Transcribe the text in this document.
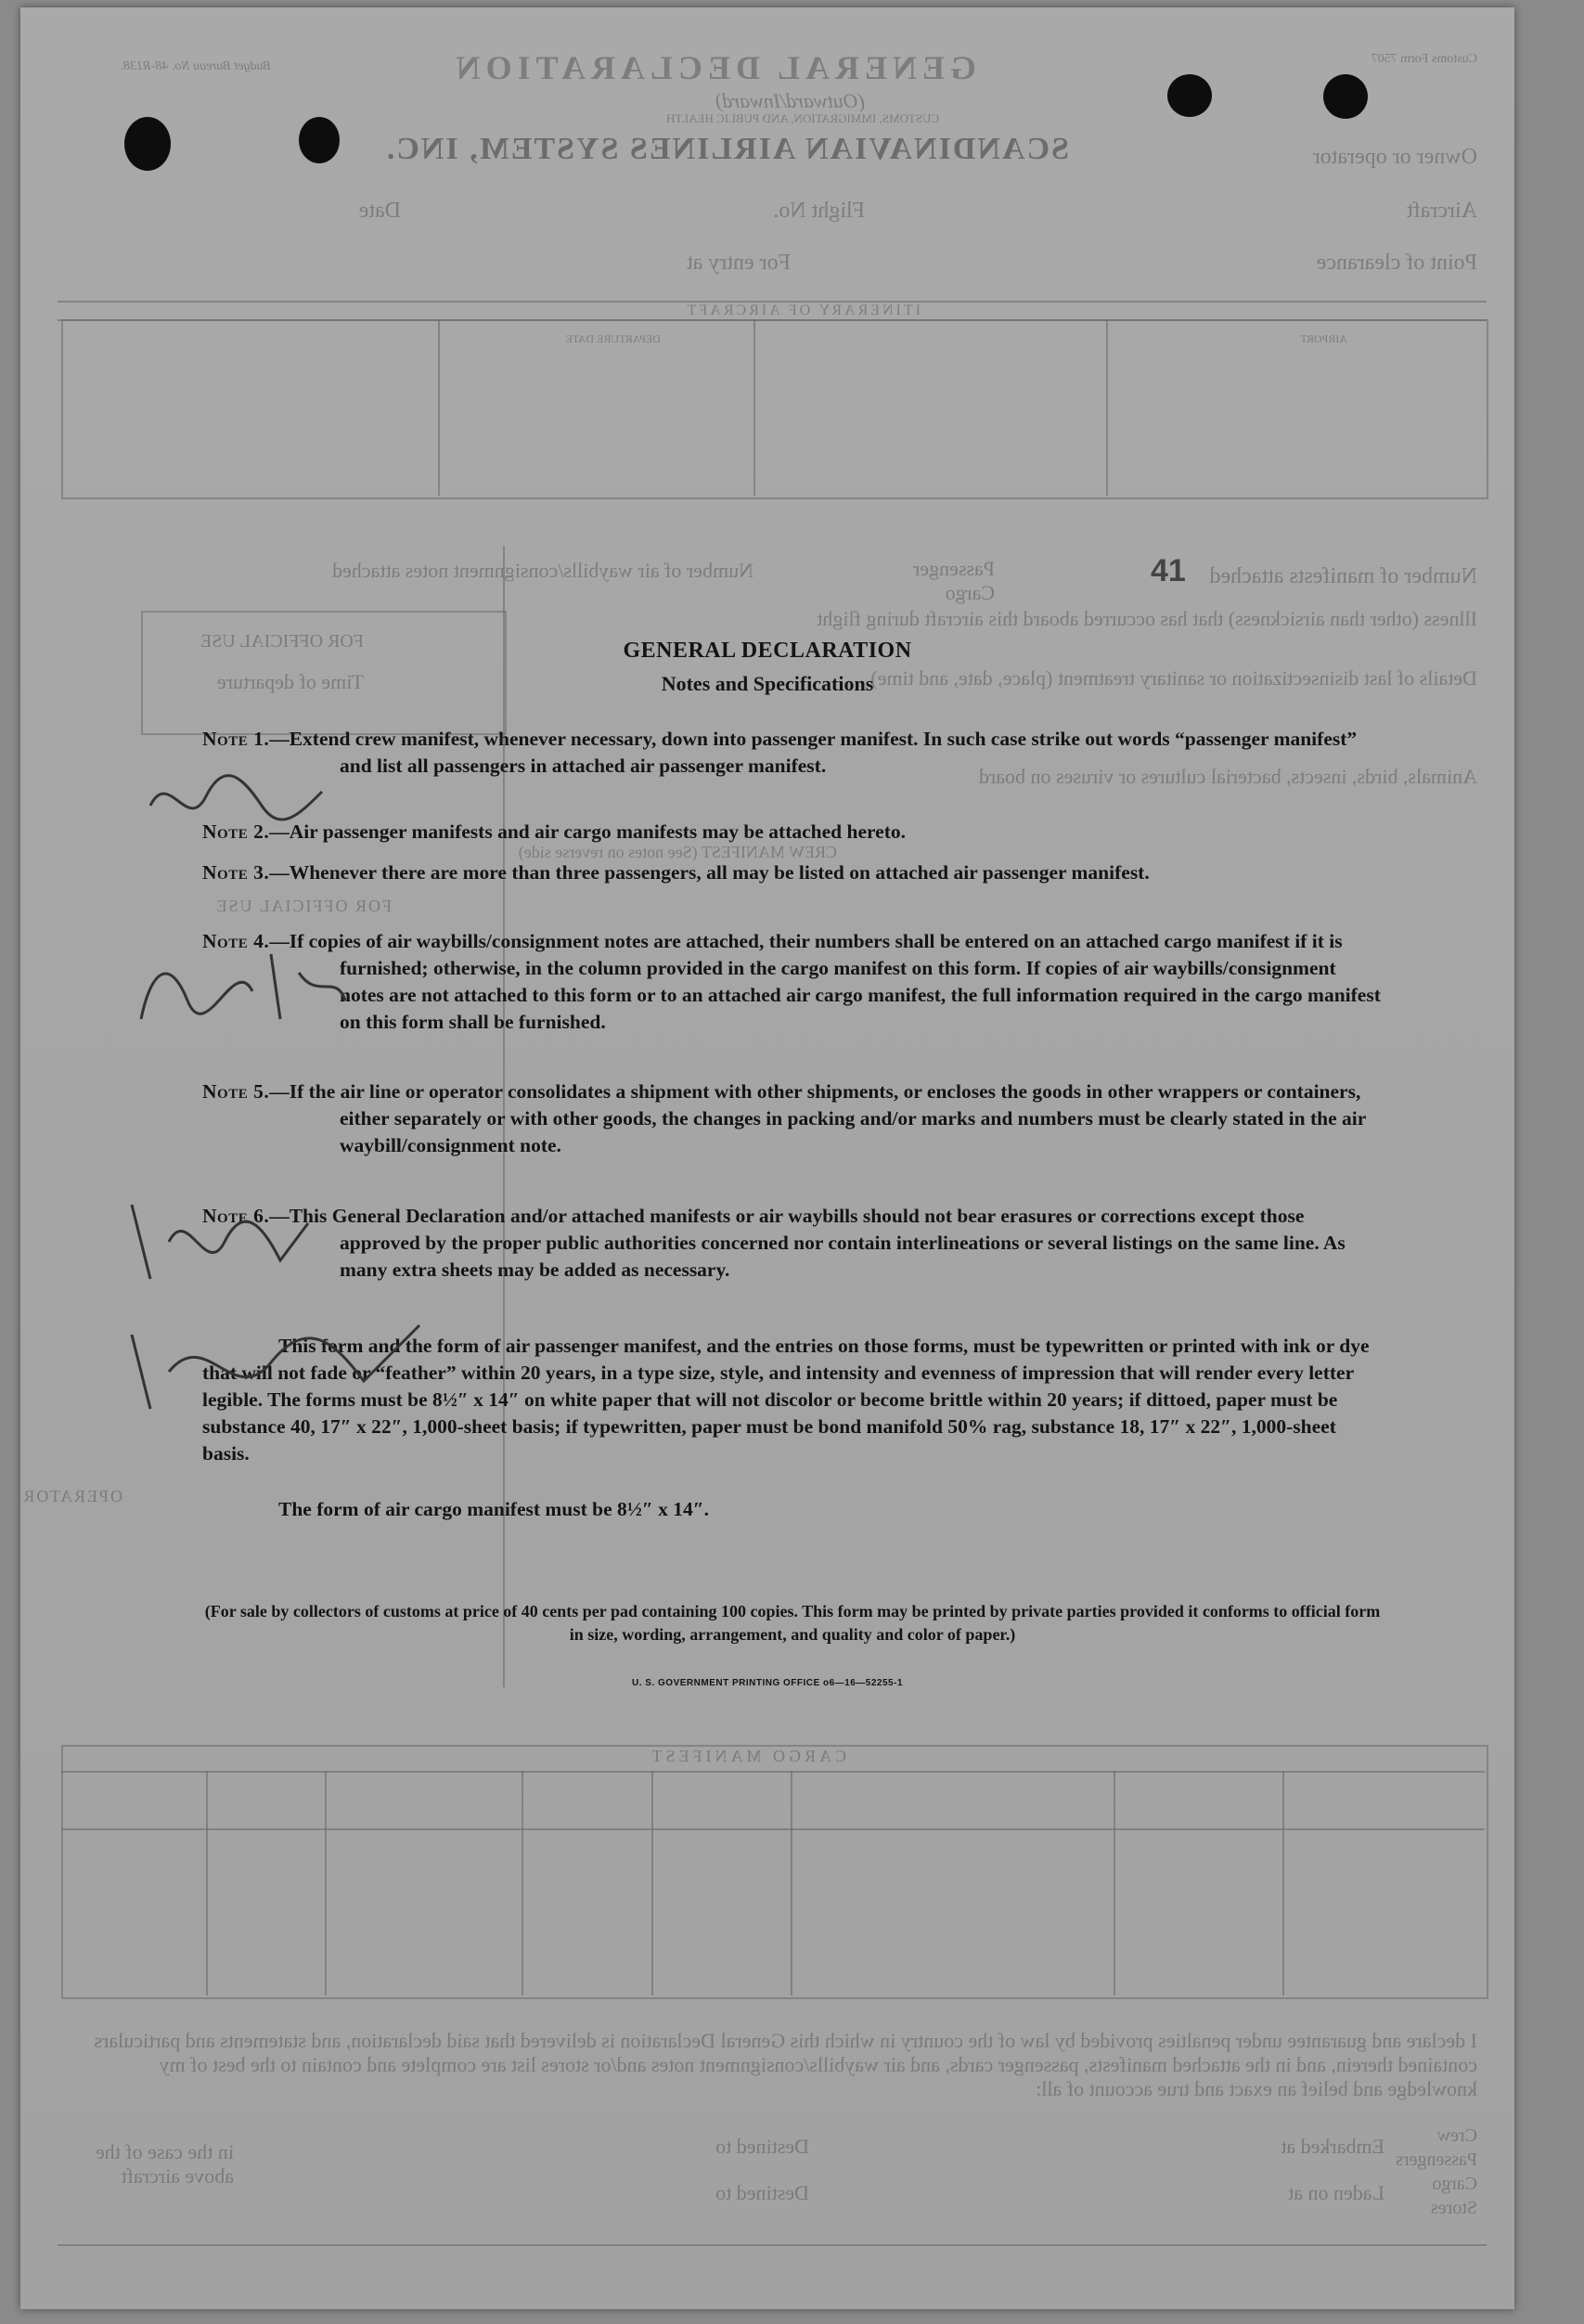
GENERAL DECLARATION
(Outward/Inward)
CUSTOMS, IMMIGRATION, AND PUBLIC HEALTH
SCANDINAVIAN AIRLINES SYSTEM, INC.
Budget Bureau No. 48-R138.
Customs Form 7507
Owner or operator
Aircraft
Flight No.
Date
Point of clearance
For entry at
ITINERARY OF AIRCRAFT
AIRPORT
DEPARTURE DATE
Number of manifests attached
Passenger
Cargo
Number of air waybills/consignment notes attached
Illness (other than airsickness) that has occurred aboard this aircraft during flight
Details of last disinsectization or sanitary treatment (place, date, and time)
Animals, birds, insects, bacterial cultures or viruses on board
FOR OFFICIAL USE
Time of departure
CREW MANIFEST (See notes on reverse side)
FOR OFFICIAL USE
OPERATOR
CARGO MANIFEST
I declare and guarantee under penalties provided by law of the country in which this General Declaration is delivered that said declaration, and statements and particulars contained therein, and in the attached manifests, passenger cards, and air waybills/consignment notes and/or stores list are complete and contain to the best of my knowledge and belief an exact and true account of all:
Crew
Passengers
Cargo
Stores
Embarked at
Laden on at
Destined to
Destined to
in the case of the above aircraft
41
GENERAL DECLARATION
Notes and Specifications
Note 1.—Extend crew manifest, whenever necessary, down into passenger manifest. In such case strike out words “passenger manifest” and list all passengers in attached air passenger manifest.
Note 2.—Air passenger manifests and air cargo manifests may be attached hereto.
Note 3.—Whenever there are more than three passengers, all may be listed on attached air passenger manifest.
Note 4.—If copies of air waybills/consignment notes are attached, their numbers shall be entered on an attached cargo manifest if it is furnished; otherwise, in the column provided in the cargo manifest on this form. If copies of air waybills/consignment notes are not attached to this form or to an attached air cargo manifest, the full information required in the cargo manifest on this form shall be furnished.
Note 5.—If the air line or operator consolidates a shipment with other shipments, or encloses the goods in other wrappers or containers, either separately or with other goods, the changes in packing and/or marks and numbers must be clearly stated in the air waybill/consignment note.
Note 6.—This General Declaration and/or attached manifests or air waybills should not bear erasures or corrections except those approved by the proper public authorities concerned nor contain interlineations or several listings on the same line. As many extra sheets may be added as necessary.
This form and the form of air passenger manifest, and the entries on those forms, must be typewritten or printed with ink or dye that will not fade or “feather” within 20 years, in a type size, style, and intensity and evenness of impression that will render every letter legible. The forms must be 8½″ x 14″ on white paper that will not discolor or become brittle within 20 years; if dittoed, paper must be substance 40, 17″ x 22″, 1,000-sheet basis; if typewritten, paper must be bond manifold 50% rag, substance 18, 17″ x 22″, 1,000-sheet basis.
The form of air cargo manifest must be 8½″ x 14″.
(For sale by collectors of customs at price of 40 cents per pad containing 100 copies. This form may be printed by private parties provided it conforms to official form in size, wording, arrangement, and quality and color of paper.)
U. S. GOVERNMENT PRINTING OFFICE o6—16—52255-1
